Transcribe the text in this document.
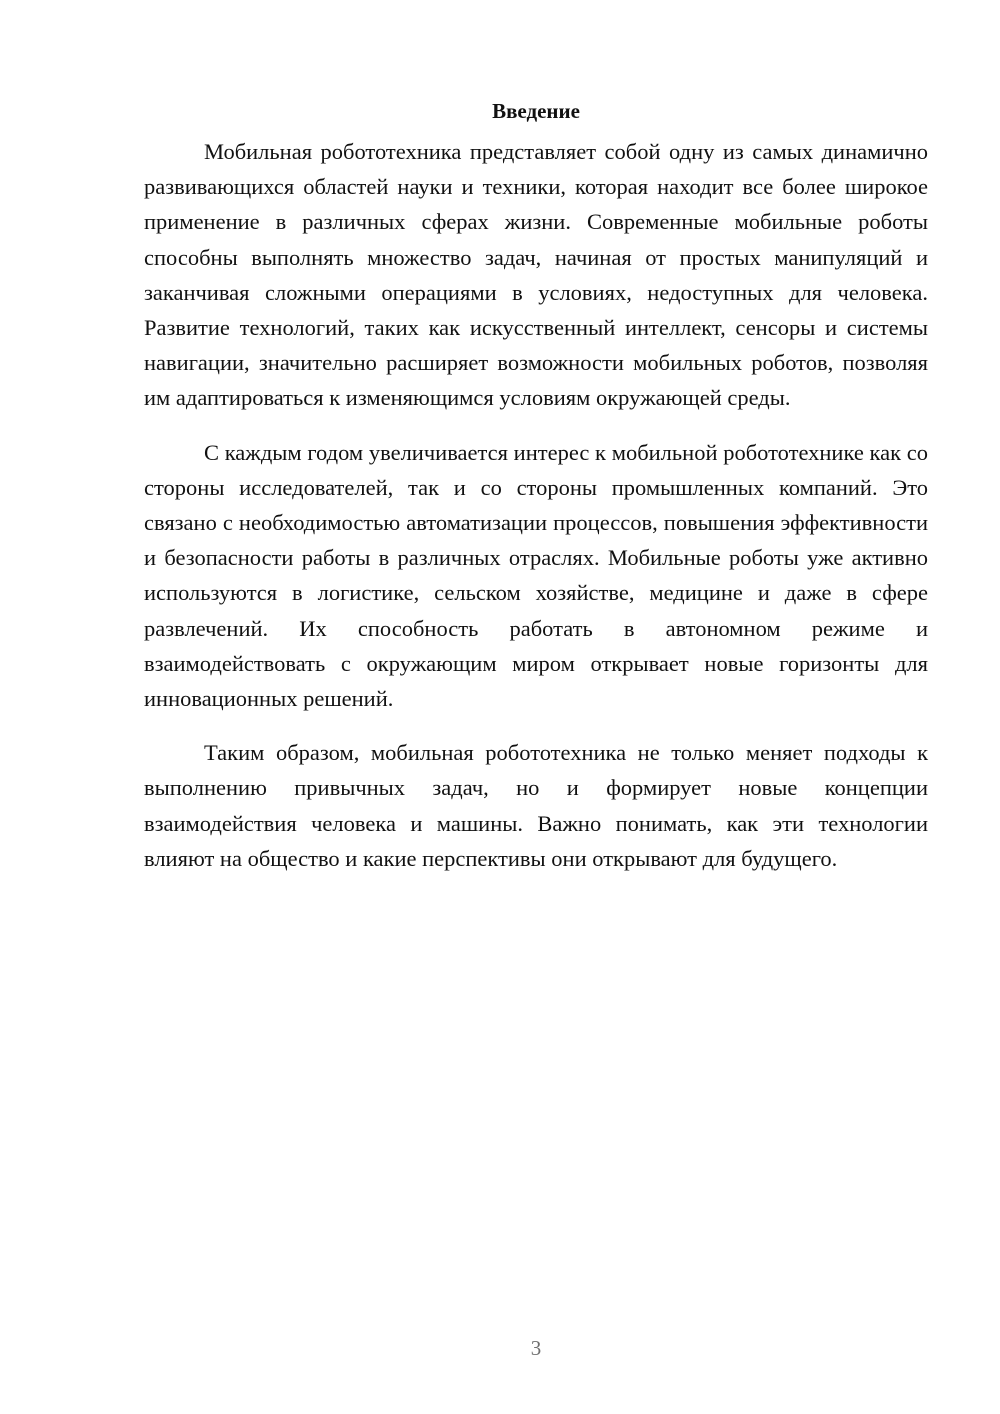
Введение

Мобильная робототехника представляет собой одну из самых динамично развивающихся областей науки и техники, которая находит все более широкое применение в различных сферах жизни. Современные мобильные роботы способны выполнять множество задач, начиная от простых манипуляций и заканчивая сложными операциями в условиях, недоступных для человека. Развитие технологий, таких как искусственный интеллект, сенсоры и системы навигации, значительно расширяет возможности мобильных роботов, позволяя им адаптироваться к изменяющимся условиям окружающей среды.

С каждым годом увеличивается интерес к мобильной робототехнике как со стороны исследователей, так и со стороны промышленных компаний. Это связано с необходимостью автоматизации процессов, повышения эффективности и безопасности работы в различных отраслях. Мобильные роботы уже активно используются в логистике, сельском хозяйстве, медицине и даже в сфере развлечений. Их способность работать в автономном режиме и взаимодействовать с окружающим миром открывает новые горизонты для инновационных решений.

Таким образом, мобильная робототехника не только меняет подходы к выполнению привычных задач, но и формирует новые концепции взаимодействия человека и машины. Важно понимать, как эти технологии влияют на общество и какие перспективы они открывают для будущего.

3
